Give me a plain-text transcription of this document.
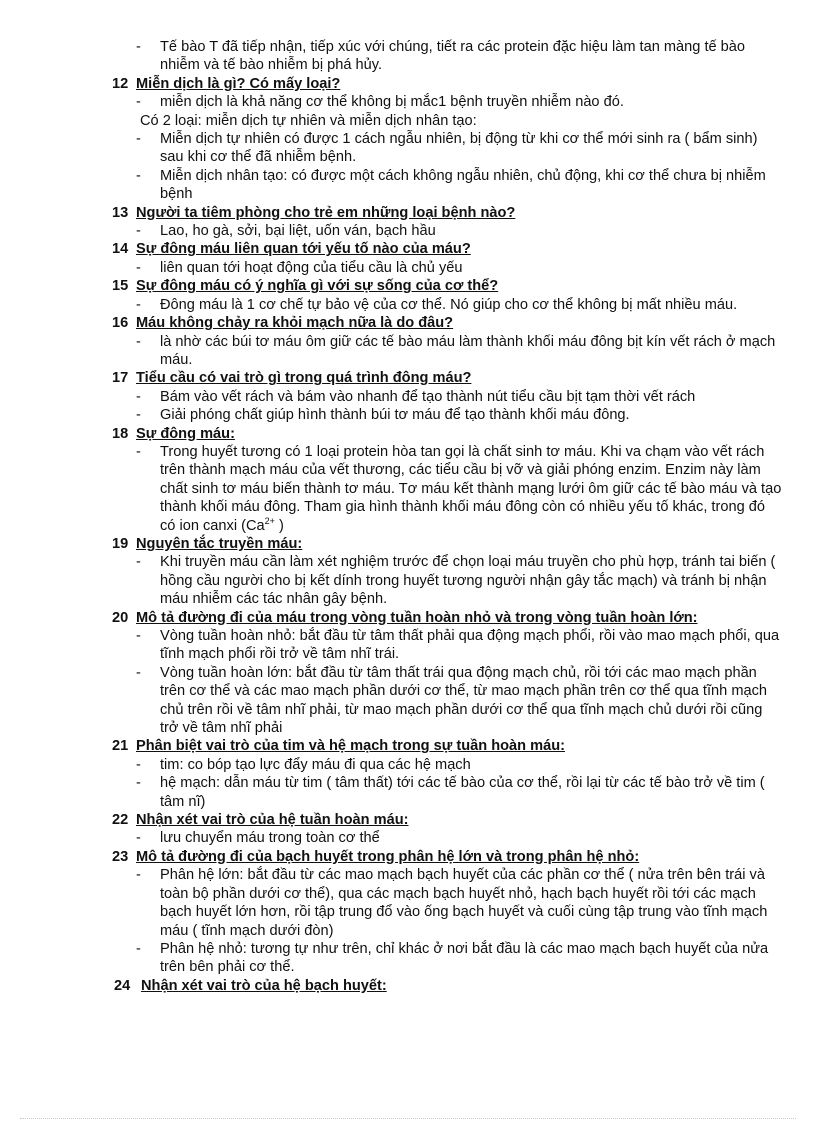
- Tế bào T đã tiếp nhận, tiếp xúc với chúng, tiết ra các protein đặc hiệu làm tan màng tế bào nhiễm và tế bào nhiễm bị phá hủy.
12 Miễn dịch là gì? Có mấy loại?
- miễn dịch là khả năng cơ thể không bị mắc1 bệnh truyền nhiễm nào đó.
Có 2 loại: miễn dịch tự nhiên và miễn dịch nhân tạo:
- Miễn dịch tự nhiên có được 1 cách ngẫu nhiên, bị động từ khi cơ thể mới sinh ra ( bẩm sinh) sau khi cơ thể đã nhiễm bệnh.
- Miễn dịch nhân tạo: có được một cách không ngẫu nhiên, chủ động, khi cơ thể chưa bị nhiễm bệnh
13 Người ta tiêm phòng cho trẻ em những loại bệnh nào?
- Lao, ho gà, sởi, bại liệt, uốn ván, bạch hầu
14 Sự đông máu liên quan tới yếu tố nào của máu?
- liên quan tới hoạt động của tiểu cầu là chủ yếu
15 Sự đông máu có ý nghĩa gì với sự sống của cơ thể?
- Đông máu là 1 cơ chế tự bảo vệ của cơ thể. Nó giúp cho cơ thể không bị mất nhiều máu.
16 Máu không chảy ra khỏi mạch nữa là do đâu?
- là nhờ các búi tơ máu ôm giữ các tế bào máu làm thành khối máu đông bịt kín vết rách ở mạch máu.
17 Tiểu cầu có vai trò gì trong quá trình đông máu?
- Bám vào vết rách và bám vào nhanh để tạo thành nút tiểu cầu bịt tạm thời vết rách
- Giải phóng chất giúp hình thành búi tơ máu để tạo thành khối máu đông.
18 Sự đông máu:
- Trong huyết tương có 1 loại protein hòa tan gọi là chất sinh tơ máu. Khi va chạm vào vết rách trên thành mạch máu của vết thương, các tiểu cầu bị vỡ và giải phóng enzim. Enzim này làm chất sinh tơ máu biến thành tơ máu. Tơ máu kết thành mạng lưới ôm giữ các tế bào máu và tạo thành khối máu đông. Tham gia hình thành khối máu đông còn có nhiều yếu tố khác, trong đó có ion canxi ($Ca^{2+}$ )
19 Nguyên tắc truyền máu:
- Khi truyền máu cần làm xét nghiệm trước để chọn loại máu truyền cho phù hợp, tránh tai biến ( hồng cầu người cho bị kết dính trong huyết tương người nhận gây tắc mạch) và tránh bị nhận máu nhiễm các tác nhân gây bệnh.
20 Mô tả đường đi của máu trong vòng tuần hoàn nhỏ và trong vòng tuần hoàn lớn:
- Vòng tuần hoàn nhỏ: bắt đầu từ tâm thất phải qua động mạch phổi, rồi vào mao mạch phổi, qua tĩnh mạch phổi rồi trở về tâm nhĩ trái.
- Vòng tuần hoàn lớn: bắt đầu từ tâm thất trái qua động mạch chủ, rồi tới các mao mạch phần trên cơ thể và các mao mạch phần dưới cơ thể, từ mao mạch phần trên cơ thể qua tĩnh mạch chủ trên rồi về tâm nhĩ phải, từ mao mạch phần dưới cơ thể qua tĩnh mạch chủ dưới rồi cũng trở về tâm nhĩ phải
21 Phân biệt vai trò của tim và hệ mạch trong sự tuần hoàn máu:
- tim: co bóp tạo lực đẩy máu đi qua các hệ mạch
- hệ mạch: dẫn máu từ tim ( tâm thất) tới các tế bào của cơ thể, rồi lại từ các tế bào trở về tim ( tâm nĩ)
22 Nhận xét vai trò của hệ tuần hoàn máu:
- lưu chuyển máu trong toàn cơ thể
23 Mô tả đường đi của bạch huyết trong phân hệ lớn và trong phân hệ nhỏ:
- Phân hệ lớn: bắt đầu từ các mao mạch bạch huyết của các phần cơ thể ( nửa trên bên trái và toàn bộ phần dưới cơ thể), qua các mạch bạch huyết nhỏ, hạch bạch huyết rồi tới các mạch bạch huyết lớn hơn, rồi tập trung đổ vào ống bạch huyết và cuối cùng tập trung vào tĩnh mạch máu ( tĩnh mạch dưới đòn)
- Phân hệ nhỏ: tương tự như trên, chỉ khác ở nơi bắt đầu là các mao mạch bạch huyết của nửa trên bên phải cơ thể.
24 Nhận xét vai trò của hệ bạch huyết:
